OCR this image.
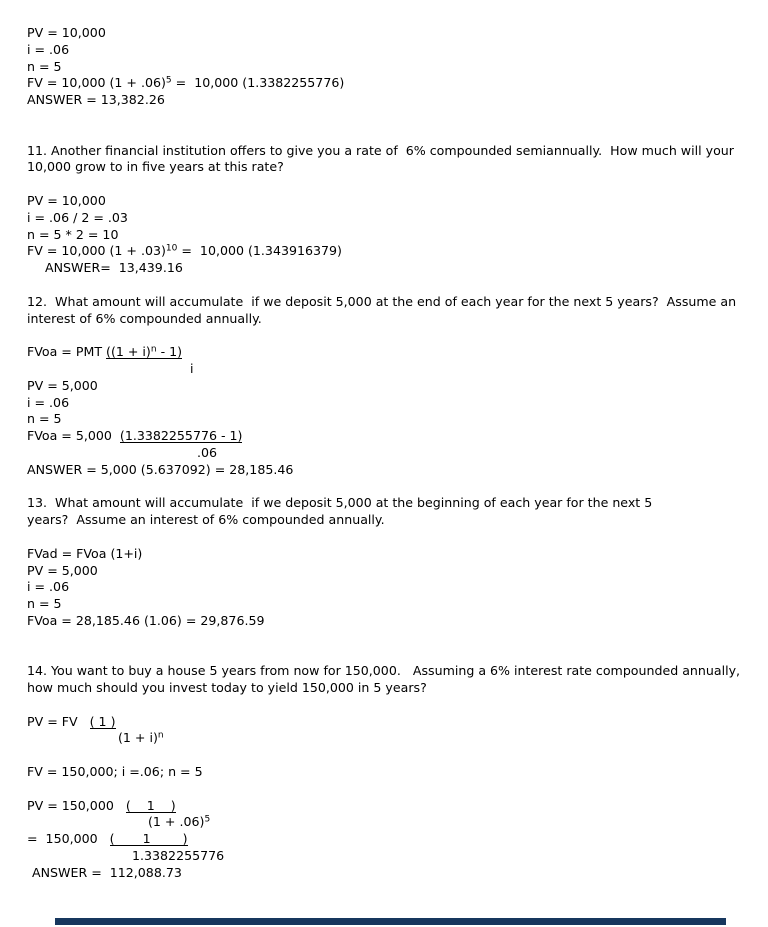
PV = 10,000
i = .06
n = 5
FV = 10,000 $(1 + .06)^5 = 10,000$ (1.3382255776)
ANSWER = 13,382.26

11. Another financial institution offers to give you a rate of  6% compounded semiannually.  How much will your
10,000 grow to in five years at this rate?

PV = 10,000
i = .06 / 2 = .03
n = 5 * 2 = 10
FV = 10,000 $(1 + .03)^{10} = 10,000$ (1.343916379)
ANSWER=  13,439.16

12.  What amount will accumulate  if we deposit 5,000 at the end of each year for the next 5 years?  Assume an
interest of 6% compounded annually.

FVoa = PMT $((1 + i)^n - 1)$
i
PV = 5,000
i = .06
n = 5
FVoa = 5,000  (1.3382255776 - 1)
.06
ANSWER = 5,000 (5.637092) = 28,185.46

13.  What amount will accumulate  if we deposit 5,000 at the beginning of each year for the next 5
years?  Assume an interest of 6% compounded annually.

FVad = FVoa (1+i)
PV = 5,000
i = .06
n = 5
FVoa = 28,185.46 (1.06) = 29,876.59

14. You want to buy a house 5 years from now for 150,000.   Assuming a 6% interest rate compounded annually,
how much should you invest today to yield 150,000 in 5 years?

PV = FV   ( 1 )
$(1 + i)^n$

FV = 150,000; i =.06; n = 5

PV = 150,000   (    1    )
$(1 + .06)^5$
=  150,000   (       1        )
1.3382255776
ANSWER =  112,088.73
